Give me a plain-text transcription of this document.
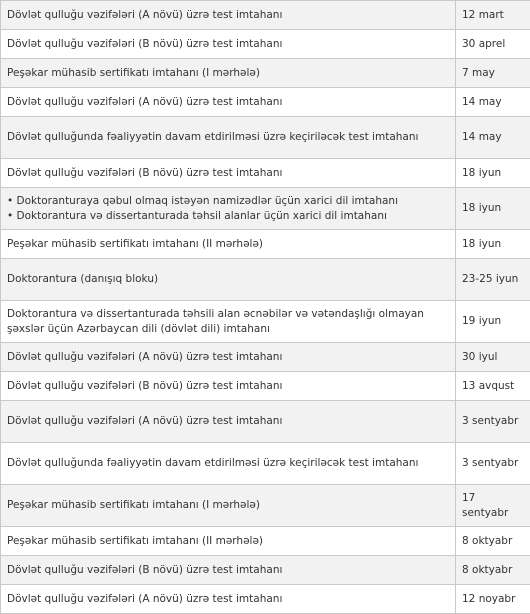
Dövlət qulluğu vəzifələri (A növü) üzrə test imtahanı	12 mart
Dövlət qulluğu vəzifələri (B növü) üzrə test imtahanı	30 aprel
Peşəkar mühasib sertifikatı imtahanı (I mərhələ)	7 may
Dövlət qulluğu vəzifələri (A növü) üzrə test imtahanı	14 may
Dövlət qulluğunda fəaliyyətin davam etdirilməsi üzrə keçiriləcək test imtahanı	14 may
Dövlət qulluğu vəzifələri (B növü) üzrə test imtahanı	18 iyun

• Doktoranturaya qəbul olmaq istəyən namizədlər üçün xarici dil imtahanı
• Doktorantura və dissertanturada təhsil alanlar üçün xarici dil imtahanı	18 iyun
Peşəkar mühasib sertifikatı imtahanı (II mərhələ)	18 iyun
Doktorantura (danışıq bloku)	23-25 iyun
Doktorantura və dissertanturada təhsili alan əcnəbilər və vətəndaşlığı olmayan şəxslər üçün Azərbaycan dili (dövlət dili) imtahanı	19 iyun
Dövlət qulluğu vəzifələri (A növü) üzrə test imtahanı	30 iyul
Dövlət qulluğu vəzifələri (B növü) üzrə test imtahanı	13 avqust
Dövlət qulluğu vəzifələri (A növü) üzrə test imtahanı	3 sentyabr
Dövlət qulluğunda fəaliyyətin davam etdirilməsi üzrə keçiriləcək test imtahanı	3 sentyabr
Peşəkar mühasib sertifikatı imtahanı (I mərhələ)	17 sentyabr
Peşəkar mühasib sertifikatı imtahanı (II mərhələ)	8 oktyabr
Dövlət qulluğu vəzifələri (B növü) üzrə test imtahanı	8 oktyabr
Dövlət qulluğu vəzifələri (A növü) üzrə test imtahanı	12 noyabr
